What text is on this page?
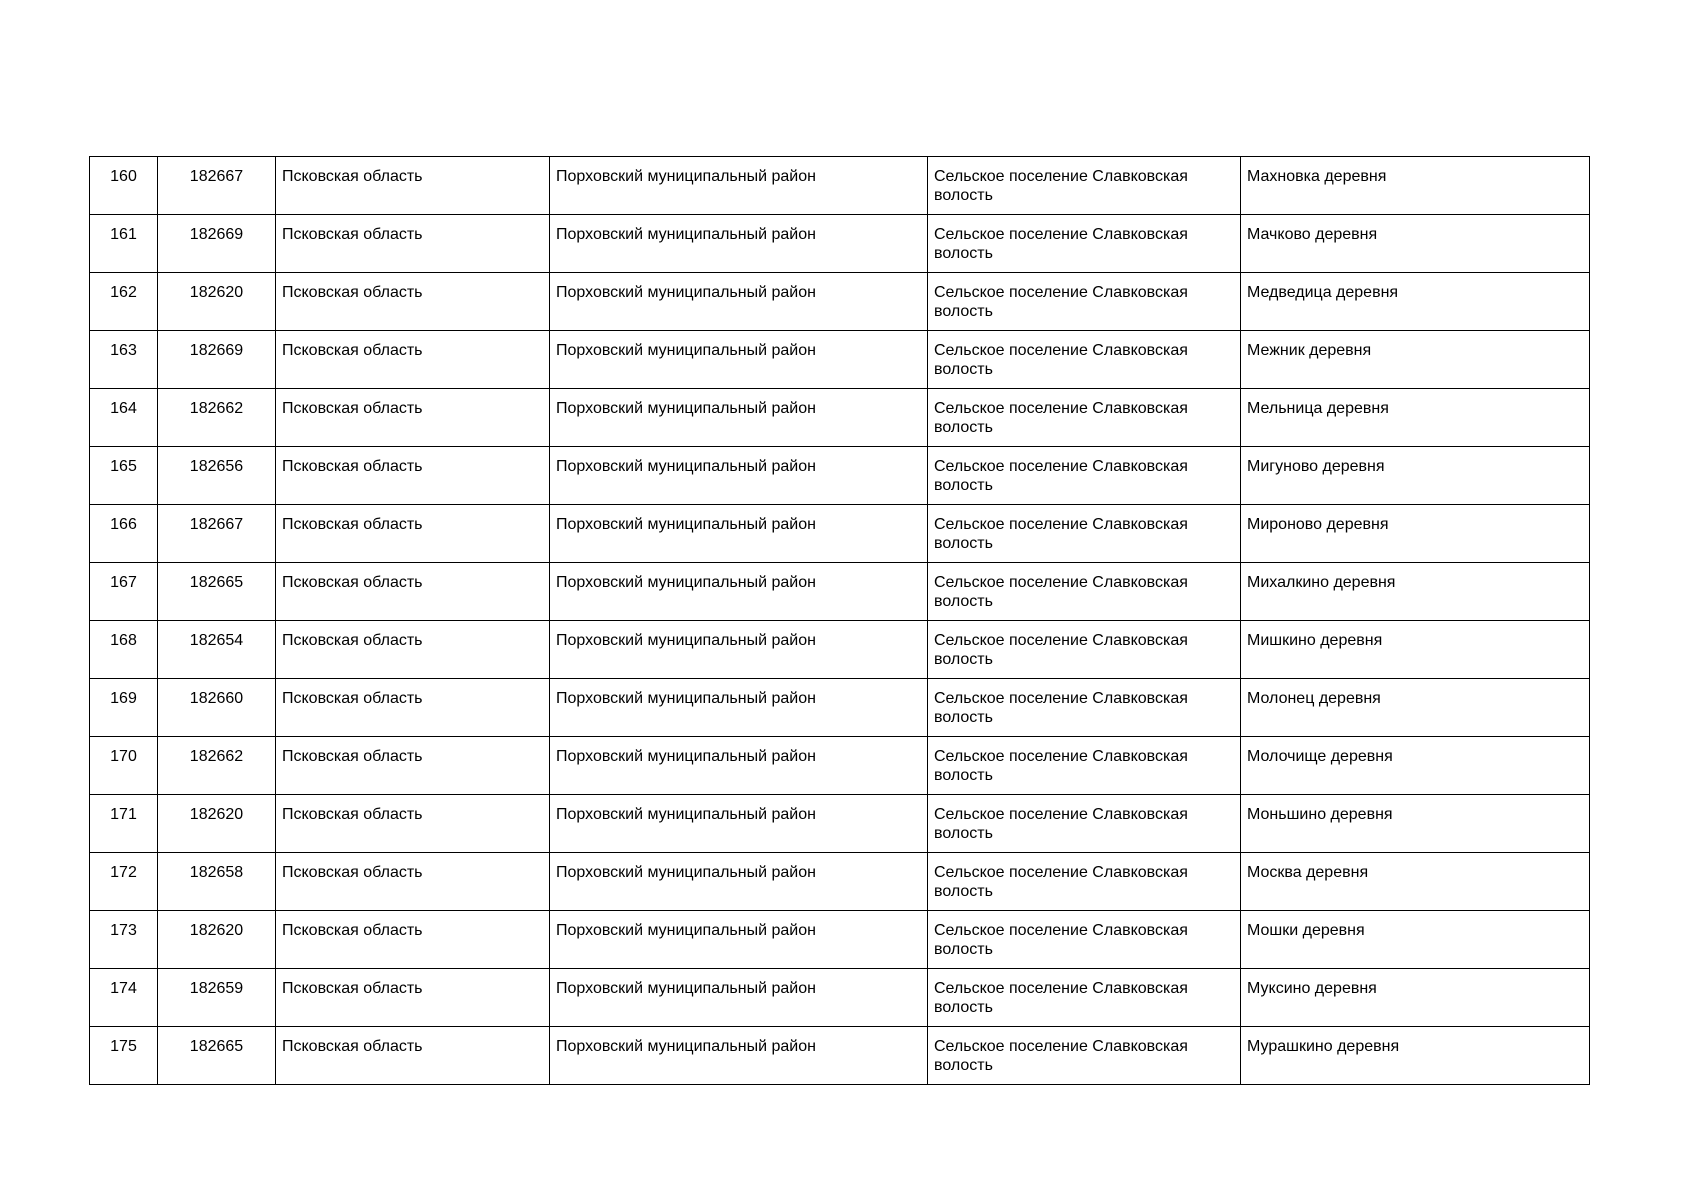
160	182667	Псковская область	Порховский муниципальный район	Сельское поселение Славковская волость	Махновка деревня
161	182669	Псковская область	Порховский муниципальный район	Сельское поселение Славковская волость	Мачково деревня
162	182620	Псковская область	Порховский муниципальный район	Сельское поселение Славковская волость	Медведица деревня
163	182669	Псковская область	Порховский муниципальный район	Сельское поселение Славковская волость	Межник деревня
164	182662	Псковская область	Порховский муниципальный район	Сельское поселение Славковская волость	Мельница деревня
165	182656	Псковская область	Порховский муниципальный район	Сельское поселение Славковская волость	Мигуново деревня
166	182667	Псковская область	Порховский муниципальный район	Сельское поселение Славковская волость	Мироново деревня
167	182665	Псковская область	Порховский муниципальный район	Сельское поселение Славковская волость	Михалкино деревня
168	182654	Псковская область	Порховский муниципальный район	Сельское поселение Славковская волость	Мишкино деревня
169	182660	Псковская область	Порховский муниципальный район	Сельское поселение Славковская волость	Молонец деревня
170	182662	Псковская область	Порховский муниципальный район	Сельское поселение Славковская волость	Молочище деревня
171	182620	Псковская область	Порховский муниципальный район	Сельское поселение Славковская волость	Моньшино деревня
172	182658	Псковская область	Порховский муниципальный район	Сельское поселение Славковская волость	Москва деревня
173	182620	Псковская область	Порховский муниципальный район	Сельское поселение Славковская волость	Мошки деревня
174	182659	Псковская область	Порховский муниципальный район	Сельское поселение Славковская волость	Муксино деревня
175	182665	Псковская область	Порховский муниципальный район	Сельское поселение Славковская волость	Мурашкино деревня
